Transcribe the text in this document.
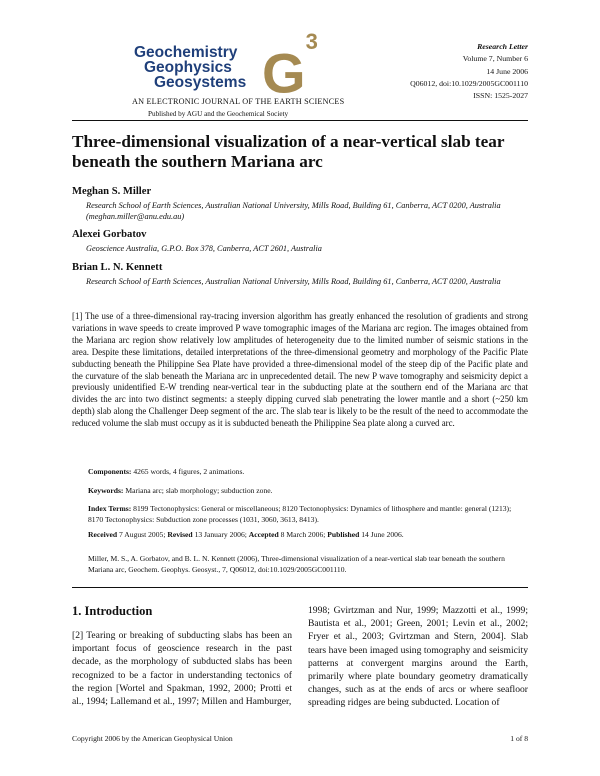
Geochemistry
Geophysics
Geosystems $G^3$
AN ELECTRONIC JOURNAL OF THE EARTH SCIENCES
Published by AGU and the Geochemical Society
Research Letter
Volume 7, Number 6
14 June 2006
Q06012, doi:10.1029/2005GC001110
ISSN: 1525-2027
Three-dimensional visualization of a near-vertical slab tear beneath the southern Mariana arc
Meghan S. Miller
Research School of Earth Sciences, Australian National University, Mills Road, Building 61, Canberra, ACT 0200, Australia (meghan.miller@anu.edu.au)
Alexei Gorbatov
Geoscience Australia, G.P.O. Box 378, Canberra, ACT 2601, Australia
Brian L. N. Kennett
Research School of Earth Sciences, Australian National University, Mills Road, Building 61, Canberra, ACT 0200, Australia
[1] The use of a three-dimensional ray-tracing inversion algorithm has greatly enhanced the resolution of gradients and strong variations in wave speeds to create improved P wave tomographic images of the Mariana arc region. The images obtained from the Mariana arc region show relatively low amplitudes of heterogeneity due to the limited number of seismic stations in the area. Despite these limitations, detailed interpretations of the three-dimensional geometry and morphology of the Pacific Plate subducting beneath the Philippine Sea Plate have provided a three-dimensional model of the steep dip of the Pacific plate and the curvature of the slab beneath the Mariana arc in unprecedented detail. The new P wave tomography and seismicity depict a previously unidentified E-W trending near-vertical tear in the subducting plate at the southern end of the Mariana arc that divides the arc into two distinct segments: a steeply dipping curved slab penetrating the lower mantle and a short (~250 km depth) slab along the Challenger Deep segment of the arc. The slab tear is likely to be the result of the need to accommodate the reduced volume the slab must occupy as it is subducted beneath the Philippine Sea plate along a curved arc.
Components: 4265 words, 4 figures, 2 animations.
Keywords: Mariana arc; slab morphology; subduction zone.
Index Terms: 8199 Tectonophysics: General or miscellaneous; 8120 Tectonophysics: Dynamics of lithosphere and mantle: general (1213); 8170 Tectonophysics: Subduction zone processes (1031, 3060, 3613, 8413).
Received 7 August 2005; Revised 13 January 2006; Accepted 8 March 2006; Published 14 June 2006.
Miller, M. S., A. Gorbatov, and B. L. N. Kennett (2006), Three-dimensional visualization of a near-vertical slab tear beneath the southern Mariana arc, Geochem. Geophys. Geosyst., 7, Q06012, doi:10.1029/2005GC001110.
1. Introduction
[2] Tearing or breaking of subducting slabs has been an important focus of geoscience research in the past decade, as the morphology of subducted slabs has been recognized to be a factor in understanding tectonics of the region [Wortel and Spakman, 1992, 2000; Protti et al., 1994; Lallemand et al., 1997; Millen and Hamburger,
1998; Gvirtzman and Nur, 1999; Mazzotti et al., 1999; Bautista et al., 2001; Green, 2001; Levin et al., 2002; Fryer et al., 2003; Gvirtzman and Stern, 2004]. Slab tears have been imaged using tomography and seismicity patterns at convergent margins around the Earth, primarily where plate boundary geometry dramatically changes, such as at the ends of arcs or where seafloor spreading ridges are being subducted. Location of
Copyright 2006 by the American Geophysical Union	1 of 8
